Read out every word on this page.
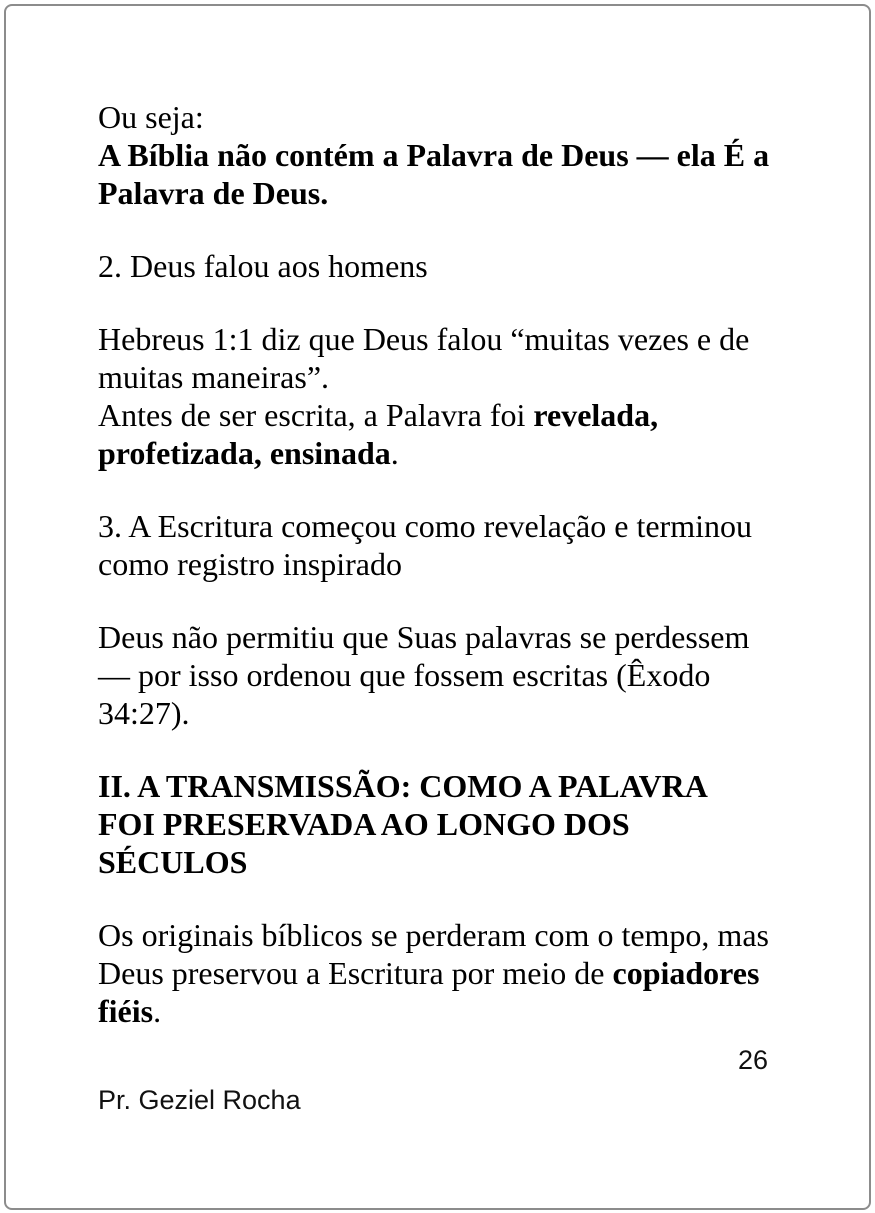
Ou seja:
A Bíblia não contém a Palavra de Deus — ela É a
Palavra de Deus.

2. Deus falou aos homens

Hebreus 1:1 diz que Deus falou “muitas vezes e de
muitas maneiras”.
Antes de ser escrita, a Palavra foi revelada,
profetizada, ensinada.

3. A Escritura começou como revelação e terminou
como registro inspirado

Deus não permitiu que Suas palavras se perdessem
— por isso ordenou que fossem escritas (Êxodo
34:27).

II. A TRANSMISSÃO: COMO A PALAVRA
FOI PRESERVADA AO LONGO DOS
SÉCULOS

Os originais bíblicos se perderam com o tempo, mas
Deus preservou a Escritura por meio de copiadores
fiéis.

26
Pr. Geziel Rocha
